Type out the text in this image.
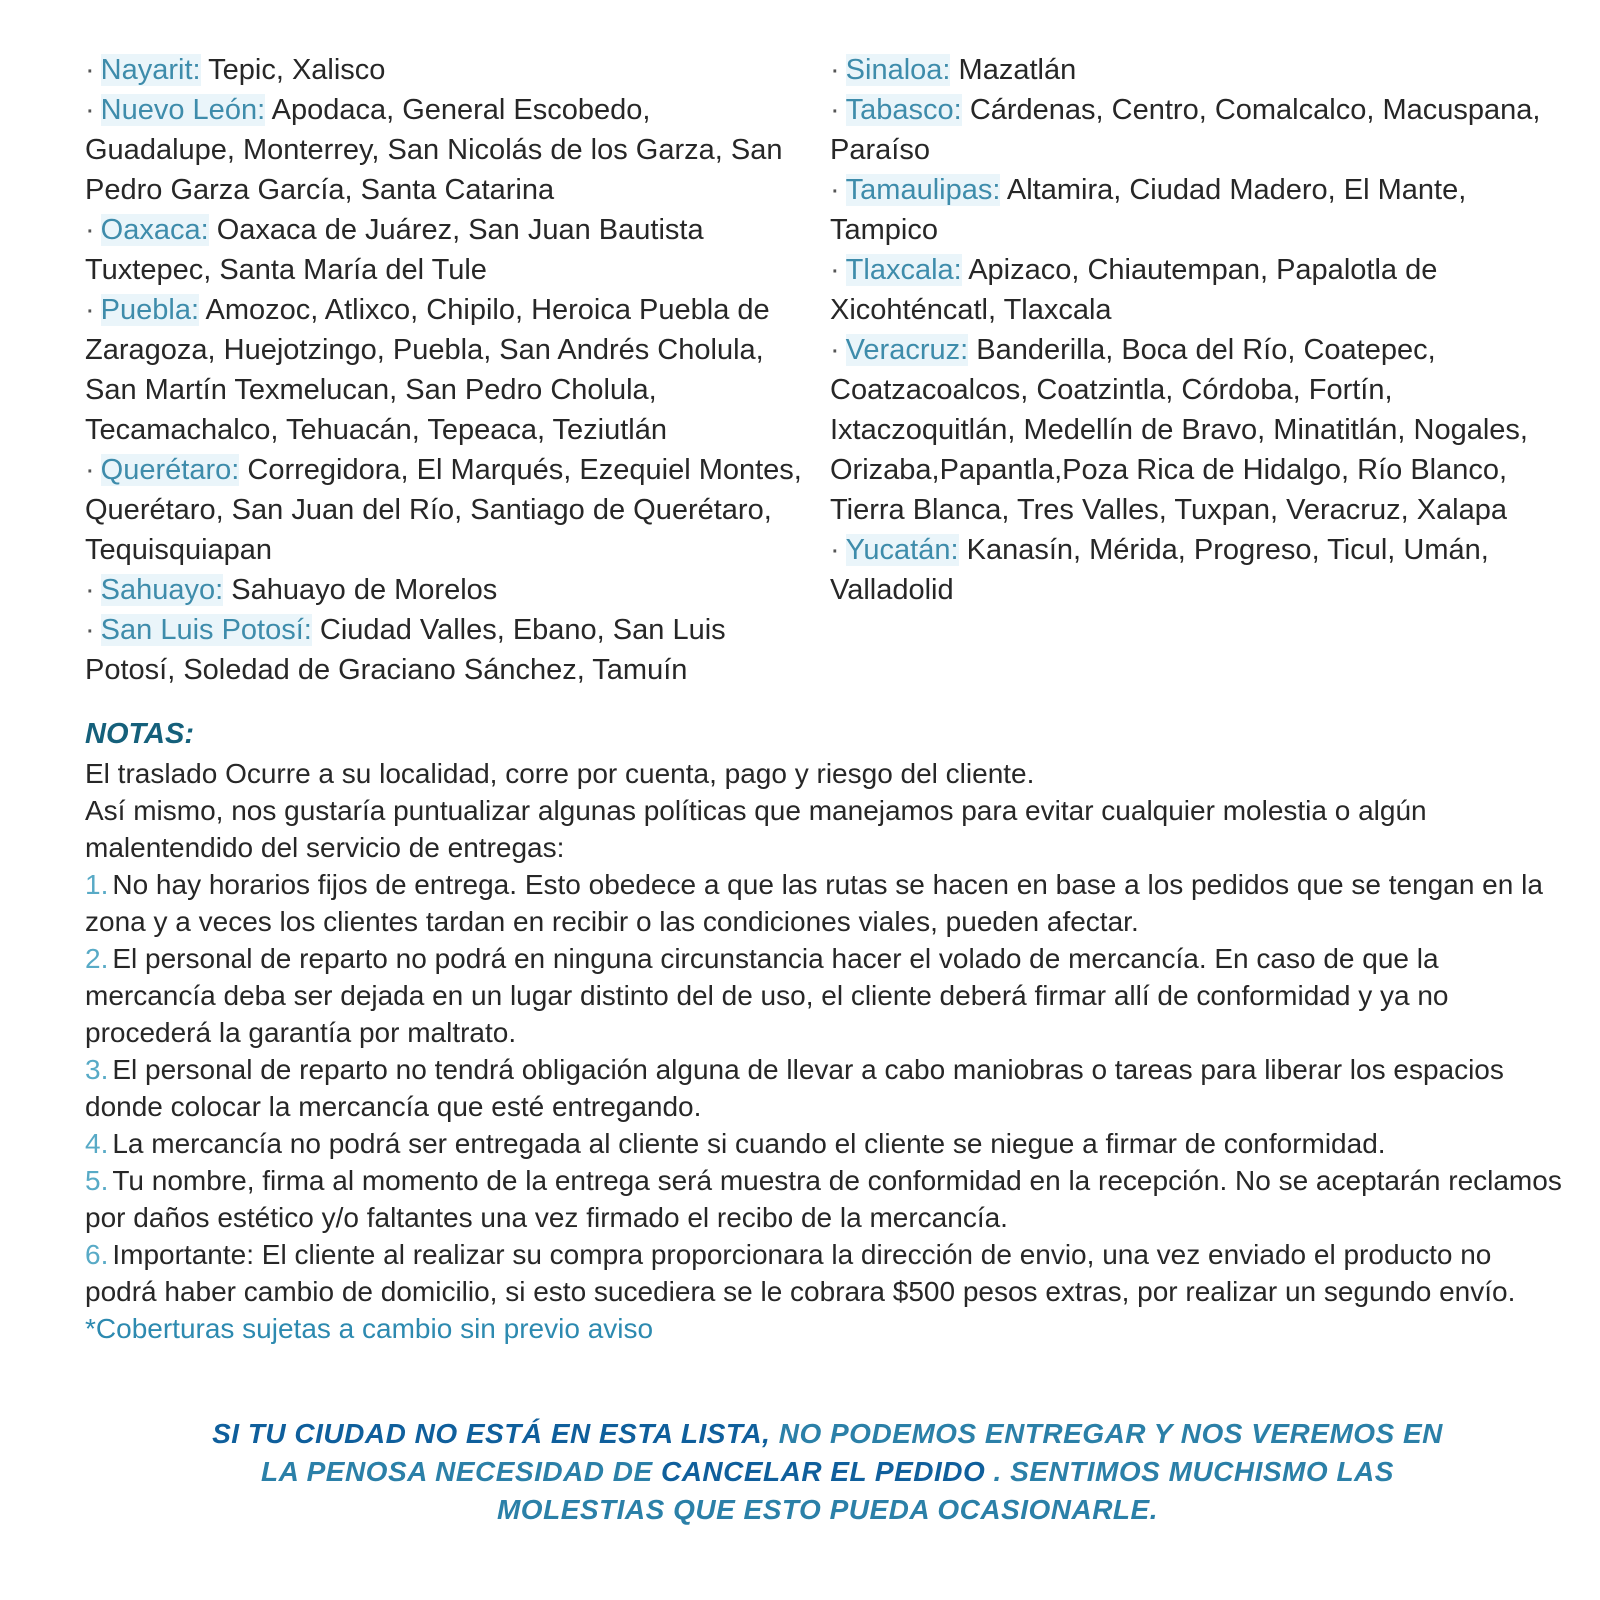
· Nayarit: Tepic, Xalisco

· Nuevo León: Apodaca, General Escobedo, Guadalupe, Monterrey, San Nicolás de los Garza, San Pedro Garza García, Santa Catarina

· Oaxaca: Oaxaca de Juárez, San Juan Bautista Tuxtepec, Santa María del Tule

· Puebla: Amozoc, Atlixco, Chipilo, Heroica Puebla de Zaragoza, Huejotzingo, Puebla, San Andrés Cholula, San Martín Texmelucan, San Pedro Cholula, Tecamachalco, Tehuacán, Tepeaca, Teziutlán

· Querétaro: Corregidora, El Marqués, Ezequiel Montes, Querétaro, San Juan del Río, Santiago de Querétaro, Tequisquiapan

· Sahuayo: Sahuayo de Morelos

· San Luis Potosí: Ciudad Valles, Ebano, San Luis Potosí, Soledad de Graciano Sánchez, Tamuín

· Sinaloa: Mazatlán

· Tabasco: Cárdenas, Centro, Comalcalco, Macuspana, Paraíso

· Tamaulipas: Altamira, Ciudad Madero, El Mante, Tampico

· Tlaxcala: Apizaco, Chiautempan, Papalotla de Xicohténcatl, Tlaxcala

· Veracruz: Banderilla, Boca del Río, Coatepec, Coatzacoalcos, Coatzintla, Córdoba, Fortín, Ixtaczoquitlán, Medellín de Bravo, Minatitlán, Nogales, Orizaba,Papantla,Poza Rica de Hidalgo, Río Blanco, Tierra Blanca, Tres Valles, Tuxpan, Veracruz, Xalapa

· Yucatán: Kanasín, Mérida, Progreso, Ticul, Umán, Valladolid

NOTAS:

El traslado Ocurre a su localidad, corre por cuenta, pago y riesgo del cliente.

Así mismo, nos gustaría puntualizar algunas políticas que manejamos para evitar cualquier molestia o algún malentendido del servicio de entregas:

1. No hay horarios fijos de entrega. Esto obedece a que las rutas se hacen en base a los pedidos que se tengan en la zona y a veces los clientes tardan en recibir o las condiciones viales, pueden afectar.

2. El personal de reparto no podrá en ninguna circunstancia hacer el volado de mercancía. En caso de que la mercancía deba ser dejada en un lugar distinto del de uso, el cliente deberá firmar allí de conformidad y ya no procederá la garantía por maltrato.

3. El personal de reparto no tendrá obligación alguna de llevar a cabo maniobras o tareas para liberar los espacios donde colocar la mercancía que esté entregando.

4. La mercancía no podrá ser entregada al cliente si cuando el cliente se niegue a firmar de conformidad.

5. Tu nombre, firma al momento de la entrega será muestra de conformidad en la recepción. No se aceptarán reclamos por daños estético y/o faltantes una vez firmado el recibo de la mercancía.

6. Importante: El cliente al realizar su compra proporcionara la dirección de envio, una vez enviado el producto no podrá haber cambio de domicilio, si esto sucediera se le cobrara $500 pesos extras, por realizar un segundo envío.

*Coberturas sujetas a cambio sin previo aviso

SI TU CIUDAD NO ESTÁ EN ESTA LISTA, NO PODEMOS ENTREGAR Y NOS VEREMOS EN LA PENOSA NECESIDAD DE CANCELAR EL PEDIDO . SENTIMOS MUCHISMO LAS MOLESTIAS QUE ESTO PUEDA OCASIONARLE.
